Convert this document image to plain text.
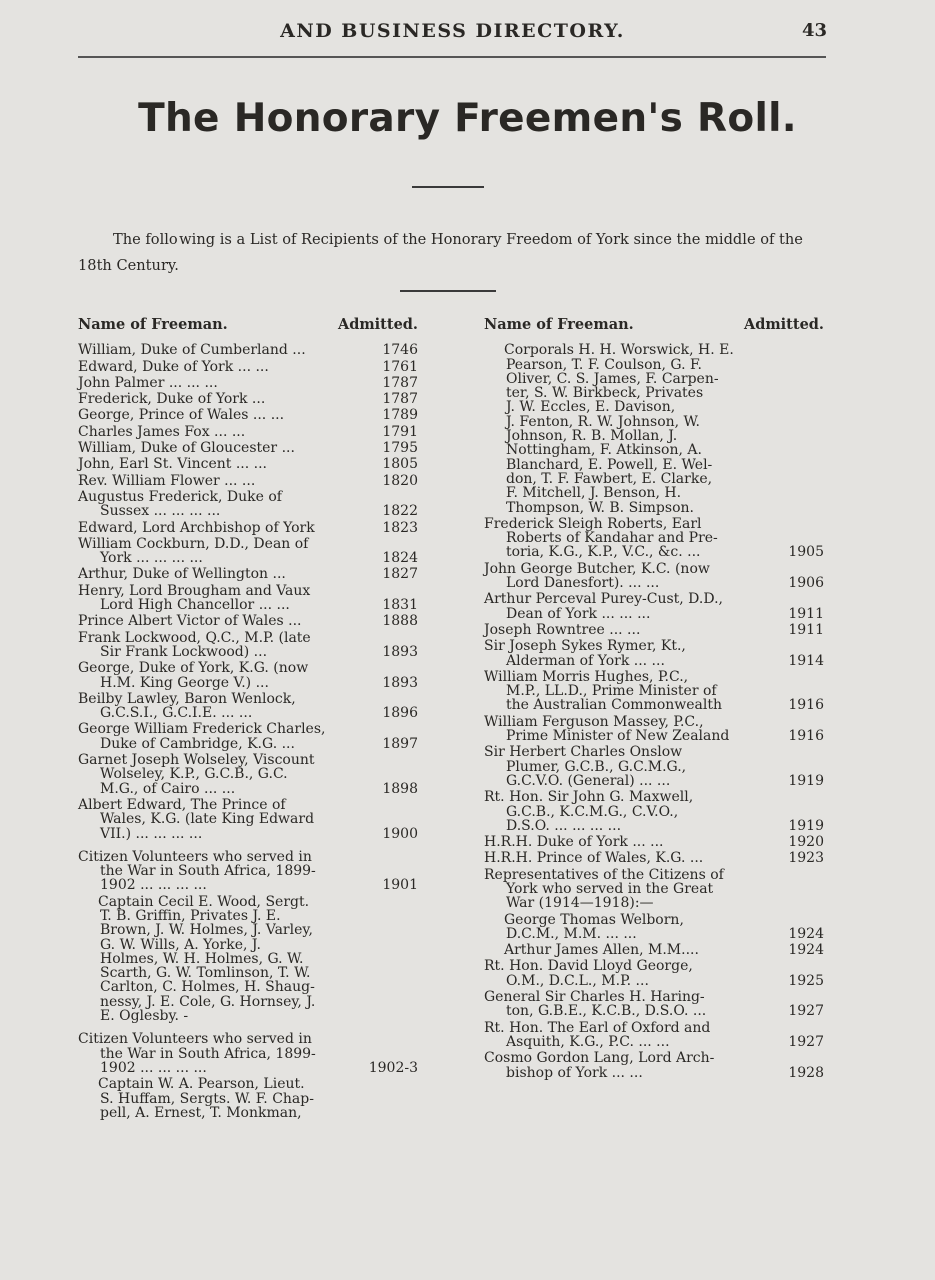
AND BUSINESS DIRECTORY.	43
The Honorary Freemen's Roll.
The follo wing is a List of Recipients of the Honorary Freedom of York since the middle of the 18th Century.
Name of Freeman.	Admitted.
William, Duke of Cumberland ...	1746
Edward, Duke of York ... ...	1761
John Palmer ... ... ...	1787
Frederick, Duke of York ...	1787
George, Prince of Wales ... ...	1789
Charles James Fox ... ...	1791
William, Duke of Gloucester ...	1795
John, Earl St. Vincent ... ...	1805
Rev. William Flower ... ...	1820
Augustus Frederick, Duke of
Sussex ... ... ... ...	1822
Edward, Lord Archbishop of York	1823
William Cockburn, D.D., Dean of
York ... ... ... ...	1824
Arthur, Duke of Wellington ...	1827
Henry, Lord Brougham and Vaux
Lord High Chancellor ... ...	1831
Prince Albert Victor of Wales ...	1888
Frank Lockwood, Q.C., M.P. (late
Sir Frank Lockwood) ...	1893
George, Duke of York, K.G. (now
H.M. King George V.) ...	1893
Beilby Lawley, Baron Wenlock,
G.C.S.I., G.C.I.E. ... ...	1896
George William Frederick Charles,
Duke of Cambridge, K.G. ...	1897
Garnet Joseph Wolseley, Viscount
Wolseley, K.P., G.C.B., G.C.
M.G., of Cairo ... ...	1898
Albert Edward, The Prince of
Wales, K.G. (late King Edward
VII.) ... ... ... ...	1900
Citizen Volunteers who served in
the War in South Africa, 1899-
1902 ... ... ... ...	1901
Captain Cecil E. Wood, Sergt.
T. B. Griffin, Privates J. E.
Brown, J. W. Holmes, J. Varley,
G. W. Wills, A. Yorke, J.
Holmes, W. H. Holmes, G. W.
Scarth, G. W. Tomlinson, T. W.
Carlton, C. Holmes, H. Shaug-
nessy, J. E. Cole, G. Hornsey, J.
E. Oglesby. -
Citizen Volunteers who served in
the War in South Africa, 1899-
1902 ... ... ... ...	1902-3
Captain W. A. Pearson, Lieut.
S. Huffam, Sergts. W. F. Chap-
pell, A. Ernest, T. Monkman,
Name of Freeman.	Admitted.
Corporals H. H. Worswick, H. E.
Pearson, T. F. Coulson, G. F.
Oliver, C. S. James, F. Carpen-
ter, S. W. Birkbeck, Privates
J. W. Eccles, E. Davison,
J. Fenton, R. W. Johnson, W.
Johnson, R. B. Mollan, J.
Nottingham, F. Atkinson, A.
Blanchard, E. Powell, E. Wel-
don, T. F. Fawbert, E. Clarke,
F. Mitchell, J. Benson, H.
Thompson, W. B. Simpson.
Frederick Sleigh Roberts, Earl
Roberts of Kandahar and Pre-
toria, K.G., K.P., V.C., &c. ...	1905
John George Butcher, K.C. (now
Lord Danesfort). ... ...	1906
Arthur Perceval Purey-Cust, D.D.,
Dean of York ... ... ...	1911
Joseph Rowntree ... ...	1911
Sir Joseph Sykes Rymer, Kt.,
Alderman of York ... ...	1914
William Morris Hughes, P.C.,
M.P., LL.D., Prime Minister of
the Australian Commonwealth	1916
William Ferguson Massey, P.C.,
Prime Minister of New Zealand	1916
Sir Herbert Charles Onslow
Plumer, G.C.B., G.C.M.G.,
G.C.V.O. (General) ... ...	1919
Rt. Hon. Sir John G. Maxwell,
G.C.B., K.C.M.G., C.V.O.,
D.S.O. ... ... ... ...	1919
H.R.H. Duke of York ... ...	1920
H.R.H. Prince of Wales, K.G. ...	1923
Representatives of the Citizens of
York who served in the Great
War (1914—1918):—
George Thomas Welborn,
D.C.M., M.M. ... ...	1924
Arthur James Allen, M.M....	1924
Rt. Hon. David Lloyd George,
O.M., D.C.L., M.P. ...	1925
General Sir Charles H. Haring-
ton, G.B.E., K.C.B., D.S.O. ...	1927
Rt. Hon. The Earl of Oxford and
Asquith, K.G., P.C. ... ...	1927
Cosmo Gordon Lang, Lord Arch-
bishop of York ... ...	1928
